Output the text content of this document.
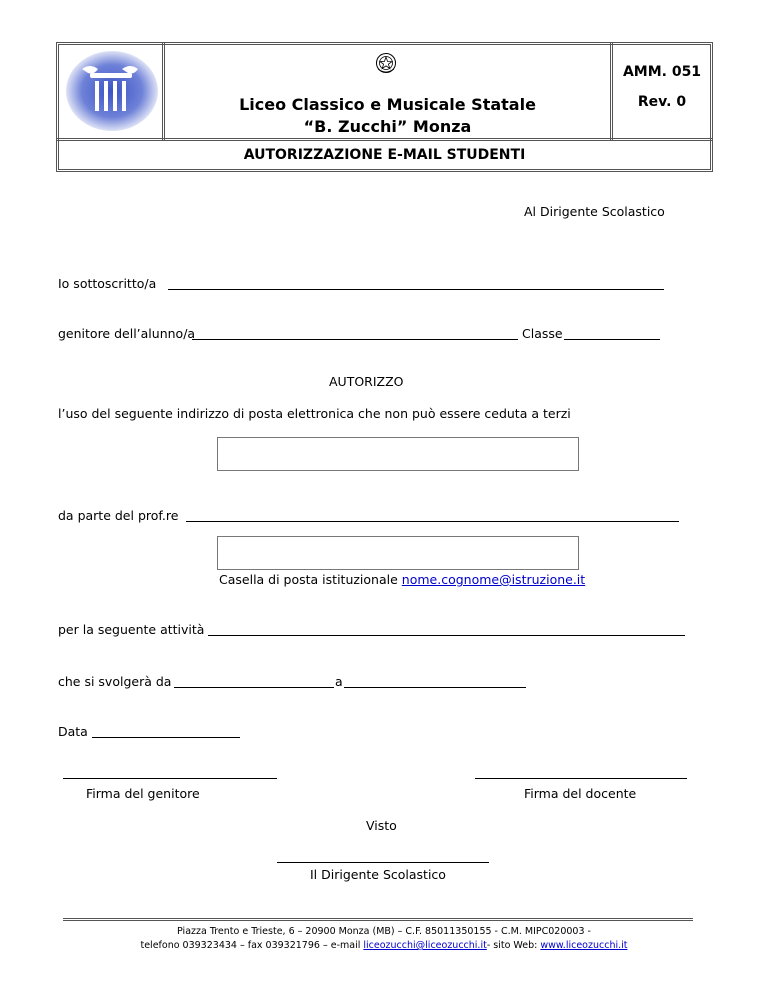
Liceo Classico e Musicale Statale
“B. Zucchi” Monza
AMM. 051
Rev. 0
AUTORIZZAZIONE E-MAIL STUDENTI
Al Dirigente Scolastico
Io sottoscritto/a
genitore dell’alunno/a	Classe
AUTORIZZO
l’uso del seguente indirizzo di posta elettronica che non può essere ceduta a terzi
da parte del prof.re
Casella di posta istituzionale nome.cognome@istruzione.it
per la seguente attività
che si svolgerà da	a
Data
Firma del genitore	Firma del docente
Visto
Il Dirigente Scolastico
Piazza Trento e Trieste, 6 – 20900 Monza (MB) – C.F. 85011350155 - C.M. MIPC020003 -
telefono 039323434 – fax 039321796 – e-mail liceozucchi@liceozucchi.it- sito Web: www.liceozucchi.it
